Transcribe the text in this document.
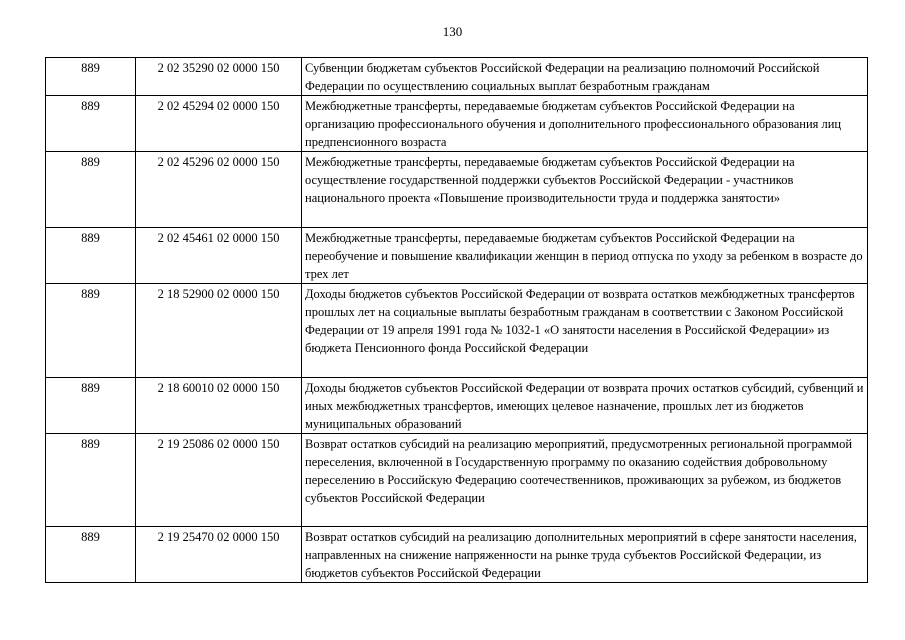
130
889	2 02 35290 02 0000 150	Субвенции бюджетам субъектов Российской Федерации на реализацию полномочий Российской Федерации по осуществлению социальных выплат безработным гражданам
889	2 02 45294 02 0000 150	Межбюджетные трансферты, передаваемые бюджетам субъектов Российской Федерации на организацию профессионального обучения и дополнительного профессионального образования лиц предпенсионного возраста
889	2 02 45296 02 0000 150	Межбюджетные трансферты, передаваемые бюджетам субъектов Российской Федерации на осуществление государственной поддержки субъектов Российской Федерации - участников национального проекта «Повышение производительности труда и поддержка занятости»
889	2 02 45461 02 0000 150	Межбюджетные трансферты, передаваемые бюджетам субъектов Российской Федерации на переобучение и повышение квалификации женщин в период отпуска по уходу за ребенком в возрасте до трех лет
889	2 18 52900 02 0000 150	Доходы бюджетов субъектов Российской Федерации от возврата остатков межбюджетных трансфертов прошлых лет на социальные выплаты безработным гражданам в соответствии с Законом Российской Федерации от 19 апреля 1991 года № 1032-1 «О занятости населения в Российской Федерации» из бюджета Пенсионного фонда Российской Федерации
889	2 18 60010 02 0000 150	Доходы бюджетов субъектов Российской Федерации от возврата прочих остатков субсидий, субвенций и иных межбюджетных трансфертов, имеющих целевое назначение, прошлых лет из бюджетов муниципальных образований
889	2 19 25086 02 0000 150	Возврат остатков субсидий на реализацию мероприятий, предусмотренных региональной программой переселения, включенной в Государственную программу по оказанию содействия добровольному переселению в Российскую Федерацию соотечественников, проживающих за рубежом, из бюджетов субъектов Российской Федерации
889	2 19 25470 02 0000 150	Возврат остатков субсидий на реализацию дополнительных мероприятий в сфере занятости населения, направленных на снижение напряженности на рынке труда субъектов Российской Федерации, из бюджетов субъектов Российской Федерации
